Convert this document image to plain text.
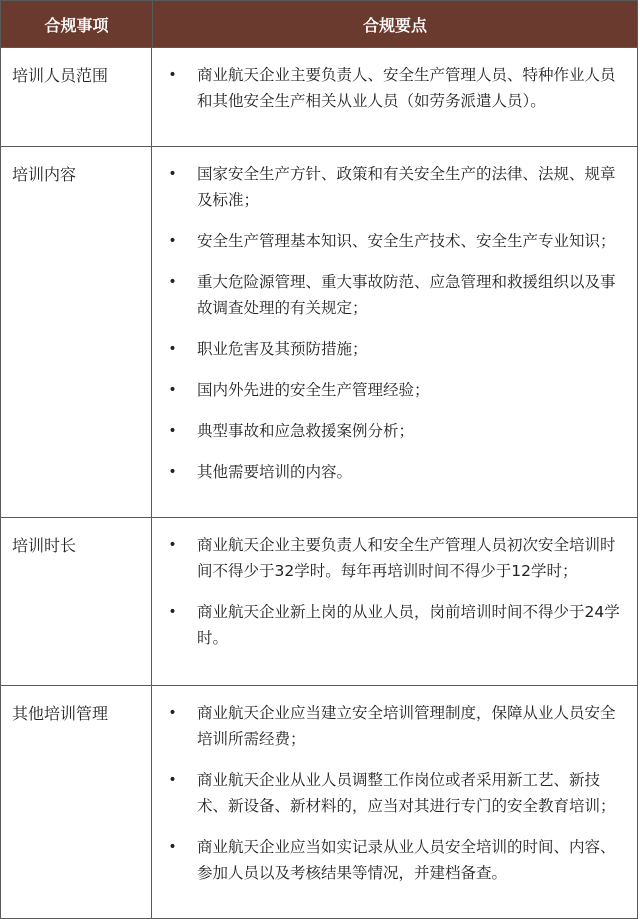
合规事项	合规要点
培训人员范围	•	商业航天企业主要负责人、安全生产管理人员、特种作业人员和其他安全生产相关从业人员（如劳务派遣人员）。
培训内容	•	国家安全生产方针、政策和有关安全生产的法律、法规、规章及标准；
•	安全生产管理基本知识、安全生产技术、安全生产专业知识；
•	重大危险源管理、重大事故防范、应急管理和救援组织以及事故调查处理的有关规定；
•	职业危害及其预防措施；
•	国内外先进的安全生产管理经验；
•	典型事故和应急救援案例分析；
•	其他需要培训的内容。
培训时长	•	商业航天企业主要负责人和安全生产管理人员初次安全培训时间不得少于32学时。每年再培训时间不得少于12学时；
•	商业航天企业新上岗的从业人员，岗前培训时间不得少于24学时。
其他培训管理	•	商业航天企业应当建立安全培训管理制度，保障从业人员安全培训所需经费；
•	商业航天企业从业人员调整工作岗位或者采用新工艺、新技术、新设备、新材料的，应当对其进行专门的安全教育培训；
•	商业航天企业应当如实记录从业人员安全培训的时间、内容、参加人员以及考核结果等情况，并建档备查。
